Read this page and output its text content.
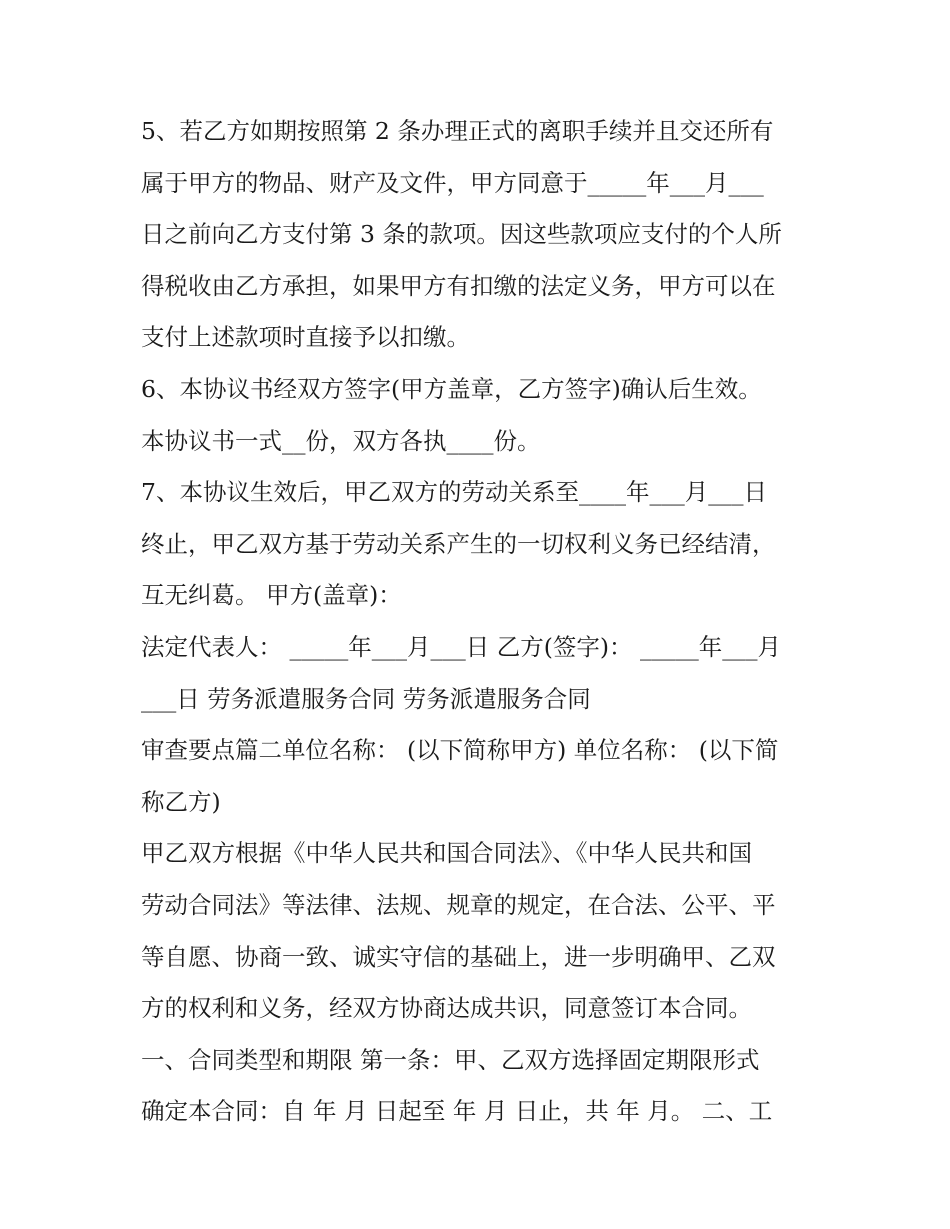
5、若乙方如期按照第 2 条办理正式的离职手续并且交还所有
属于甲方的物品、财产及文件，甲方同意于_____年___月___
日之前向乙方支付第 3 条的款项。因这些款项应支付的个人所
得税收由乙方承担，如果甲方有扣缴的法定义务，甲方可以在
支付上述款项时直接予以扣缴。
6、本协议书经双方签字(甲方盖章，乙方签字)确认后生效。
本协议书一式__份，双方各执____份。
7、本协议生效后，甲乙双方的劳动关系至____年___月___日
终止，甲乙双方基于劳动关系产生的一切权利义务已经结清，
互无纠葛。 甲方(盖章)：
法定代表人： _____年___月___日 乙方(签字)： _____年___月
___日 劳务派遣服务合同 劳务派遣服务合同
审查要点篇二单位名称： (以下简称甲方) 单位名称： (以下简
称乙方)
甲乙双方根据《中华人民共和国合同法》、《中华人民共和国
劳动合同法》等法律、法规、规章的规定，在合法、公平、平
等自愿、协商一致、诚实守信的基础上，进一步明确甲、乙双
方的权利和义务，经双方协商达成共识，同意签订本合同。
一、合同类型和期限 第一条：甲、乙双方选择固定期限形式
确定本合同：自 年 月 日起至 年 月 日止，共 年 月。 二、工
